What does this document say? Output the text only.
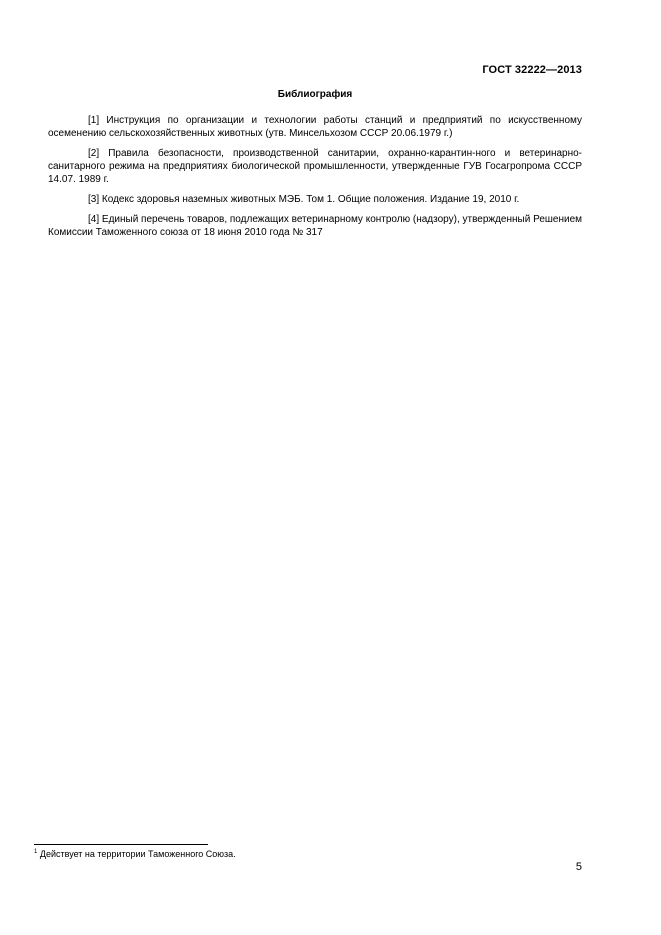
ГОСТ 32222—2013
Библиография

[1] Инструкция по организации и технологии работы станций и предприятий по искусственному осеменению сельскохозяйственных животных (утв. Минсельхозом СССР 20.06.1979 г.)

[2] Правила безопасности, производственной санитарии, охранно-карантин-ного и ветеринарно-санитарного режима на предприятиях биологической промышленности, утвержденные ГУВ Госагропрома СССР 14.07. 1989 г.

[3] Кодекс здоровья наземных животных МЭБ. Том 1. Общие положения. Издание 19, 2010 г.

[4] Единый перечень товаров, подлежащих ветеринарному контролю (надзору), утвержденный Решением Комиссии Таможенного союза от 18 июня 2010 года № 317

$^1$ Действует на территории Таможенного Союза.
5
